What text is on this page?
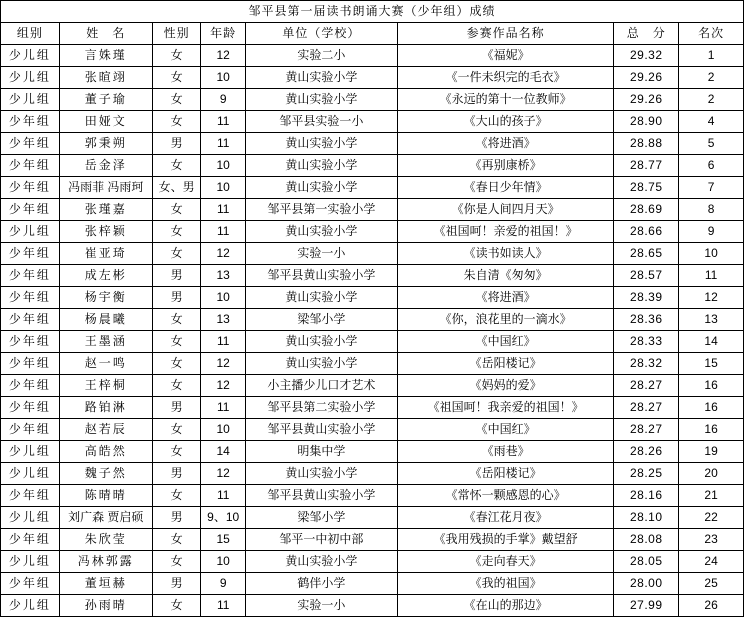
邹平县第一届读书朗诵大赛（少年组）成绩							
组别	姓　名	性别	年龄	单位（学校）	参赛作品名称	总　分	名次
少儿组	言姝瑾	女	12	实验二小	《福妮》	29.32	1
少儿组	张暄翊	女	10	黄山实验小学	《一件未织完的毛衣》	29.26	2
少儿组	董子瑜	女	9	黄山实验小学	《永远的第十一位教师》	29.26	2
少年组	田娅文	女	11	邹平县实验一小	《大山的孩子》	28.90	4
少年组	郭秉朔	男	11	黄山实验小学	《将进酒》	28.88	5
少年组	岳金泽	女	10	黄山实验小学	《再别康桥》	28.77	6
少年组	冯雨菲 冯雨珂	女、男	10	黄山实验小学	《春日少年情》	28.75	7
少年组	张瑾嘉	女	11	邹平县第一实验小学	《你是人间四月天》	28.69	8
少儿组	张梓颖	女	11	黄山实验小学	《祖国呵！亲爱的祖国！》	28.66	9
少年组	崔亚琦	女	12	实验一小	《读书如读人》	28.65	10
少年组	成左彬	男	13	邹平县黄山实验小学	朱自清《匆匆》	28.57	11
少年组	杨宇衡	男	10	黄山实验小学	《将进酒》	28.39	12
少年组	杨晨曦	女	13	梁邹小学	《你，浪花里的一滴水》	28.36	13
少年组	王墨涵	女	11	黄山实验小学	《中国红》	28.33	14
少年组	赵一鸣	女	12	黄山实验小学	《岳阳楼记》	28.32	15
少年组	王梓桐	女	12	小主播少儿口才艺术	《妈妈的爱》	28.27	16
少年组	路铂淋	男	11	邹平县第二实验小学	《祖国呵！我亲爱的祖国！》	28.27	16
少年组	赵若辰	女	10	邹平县黄山实验小学	《中国红》	28.27	16
少儿组	高皓然	女	14	明集中学	《雨巷》	28.26	19
少儿组	魏子然	男	12	黄山实验小学	《岳阳楼记》	28.25	20
少年组	陈晴晴	女	11	邹平县黄山实验小学	《常怀一颗感恩的心》	28.16	21
少儿组	刘广森 贾启硕	男	9、10	梁邹小学	《春江花月夜》	28.10	22
少年组	朱欣莹	女	15	邹平一中初中部	《我用残损的手掌》戴望舒	28.08	23
少儿组	冯林郭露	女	10	黄山实验小学	《走向春天》	28.05	24
少年组	董垣赫	男	9	鹤伴小学	《我的祖国》	28.00	25
少儿组	孙雨晴	女	11	实验一小	《在山的那边》	27.99	26
